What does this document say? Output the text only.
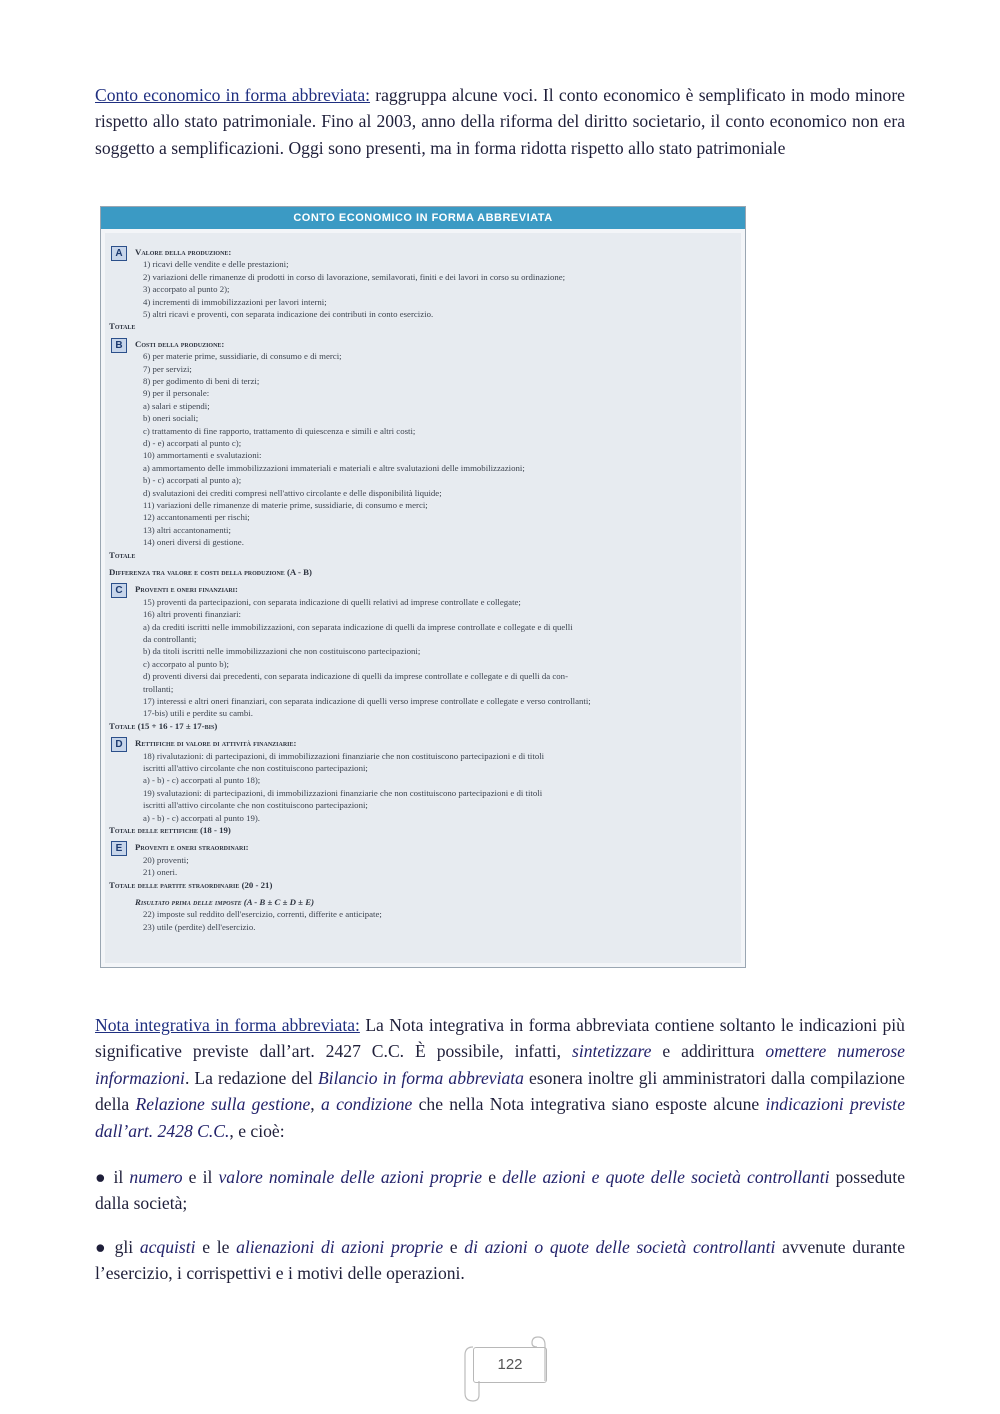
Conto economico in forma abbreviata: raggruppa alcune voci. Il conto economico è semplificato in modo minore rispetto allo stato patrimoniale. Fino al 2003, anno della riforma del diritto societario, il conto economico non era soggetto a semplificazioni. Oggi sono presenti, ma in forma ridotta rispetto allo stato patrimoniale
CONTO ECONOMICO IN FORMA ABBREVIATA
A	Valore della produzione:
1) ricavi delle vendite e delle prestazioni;
2) variazioni delle rimanenze di prodotti in corso di lavorazione, semilavorati, finiti e dei lavori in corso su ordinazione;
3) accorpato al punto 2);
4) incrementi di immobilizzazioni per lavori interni;
5) altri ricavi e proventi, con separata indicazione dei contributi in conto esercizio.
Totale
B	Costi della produzione:
6) per materie prime, sussidiarie, di consumo e di merci;
7) per servizi;
8) per godimento di beni di terzi;
9) per il personale:
a) salari e stipendi;
b) oneri sociali;
c) trattamento di fine rapporto, trattamento di quiescenza e simili e altri costi;
d) - e) accorpati al punto c);
10) ammortamenti e svalutazioni:
a) ammortamento delle immobilizzazioni immateriali e materiali e altre svalutazioni delle immobilizzazioni;
b) - c) accorpati al punto a);
d) svalutazioni dei crediti compresi nell'attivo circolante e delle disponibilità liquide;
11) variazioni delle rimanenze di materie prime, sussidiarie, di consumo e merci;
12) accantonamenti per rischi;
13) altri accantonamenti;
14) oneri diversi di gestione.
Totale
Differenza tra valore e costi della produzione (A - B)
C	Proventi e oneri finanziari:
15) proventi da partecipazioni, con separata indicazione di quelli relativi ad imprese controllate e collegate;
16) altri proventi finanziari:
a) da crediti iscritti nelle immobilizzazioni, con separata indicazione di quelli da imprese controllate e collegate e di quelli
da controllanti;
b) da titoli iscritti nelle immobilizzazioni che non costituiscono partecipazioni;
c) accorpato al punto b);
d) proventi diversi dai precedenti, con separata indicazione di quelli da imprese controllate e collegate e di quelli da con-
trollanti;
17) interessi e altri oneri finanziari, con separata indicazione di quelli verso imprese controllate e collegate e verso controllanti;
17-bis) utili e perdite su cambi.
Totale (15 + 16 - 17 ± 17-bis)
D	Rettifiche di valore di attività finanziarie:
18) rivalutazioni: di partecipazioni, di immobilizzazioni finanziarie che non costituiscono partecipazioni e di titoli
iscritti all'attivo circolante che non costituiscono partecipazioni;
a) - b) - c) accorpati al punto 18);
19) svalutazioni: di partecipazioni, di immobilizzazioni finanziarie che non costituiscono partecipazioni e di titoli
iscritti all'attivo circolante che non costituiscono partecipazioni;
a) - b) - c) accorpati al punto 19).
Totale delle rettifiche (18 - 19)
E	Proventi e oneri straordinari:
20) proventi;
21) oneri.
Totale delle partite straordinarie (20 - 21)
Risultato prima delle imposte (A - B ± C ± D ± E)
22) imposte sul reddito dell'esercizio, correnti, differite e anticipate;
23) utile (perdite) dell'esercizio.
Nota integrativa in forma abbreviata: La Nota integrativa in forma abbreviata contiene soltanto le indicazioni più significative previste dall’art. 2427 C.C. È possibile, infatti, sintetizzare e addirittura omettere numerose informazioni. La redazione del Bilancio in forma abbreviata esonera inoltre gli amministratori dalla compilazione della Relazione sulla gestione, a condizione che nella Nota integrativa siano esposte alcune indicazioni previste dall’art. 2428 C.C., e cioè:
● il numero e il valore nominale delle azioni proprie e delle azioni e quote delle società controllanti possedute dalla società;
● gli acquisti e le alienazioni di azioni proprie e di azioni o quote delle società controllanti avvenute durante l’esercizio, i corrispettivi e i motivi delle operazioni.
122
